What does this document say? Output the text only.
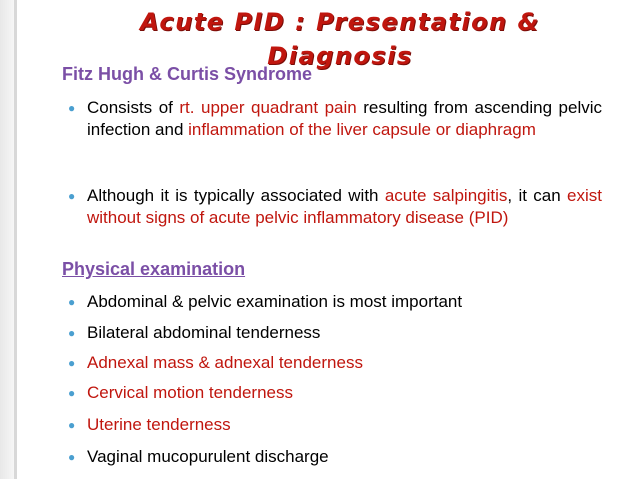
Acute PID : Presentation &
Diagnosis
Fitz Hugh & Curtis Syndrome
● Consists of rt. upper quadrant pain resulting from ascending pelvic infection and inflammation of the liver capsule or diaphragm
● Although it is typically associated with acute salpingitis, it can exist without signs of acute pelvic inflammatory disease (PID)
Physical examination
● Abdominal & pelvic examination is most important
● Bilateral abdominal tenderness
● Adnexal mass & adnexal tenderness
● Cervical motion tenderness
● Uterine tenderness
● Vaginal mucopurulent discharge
